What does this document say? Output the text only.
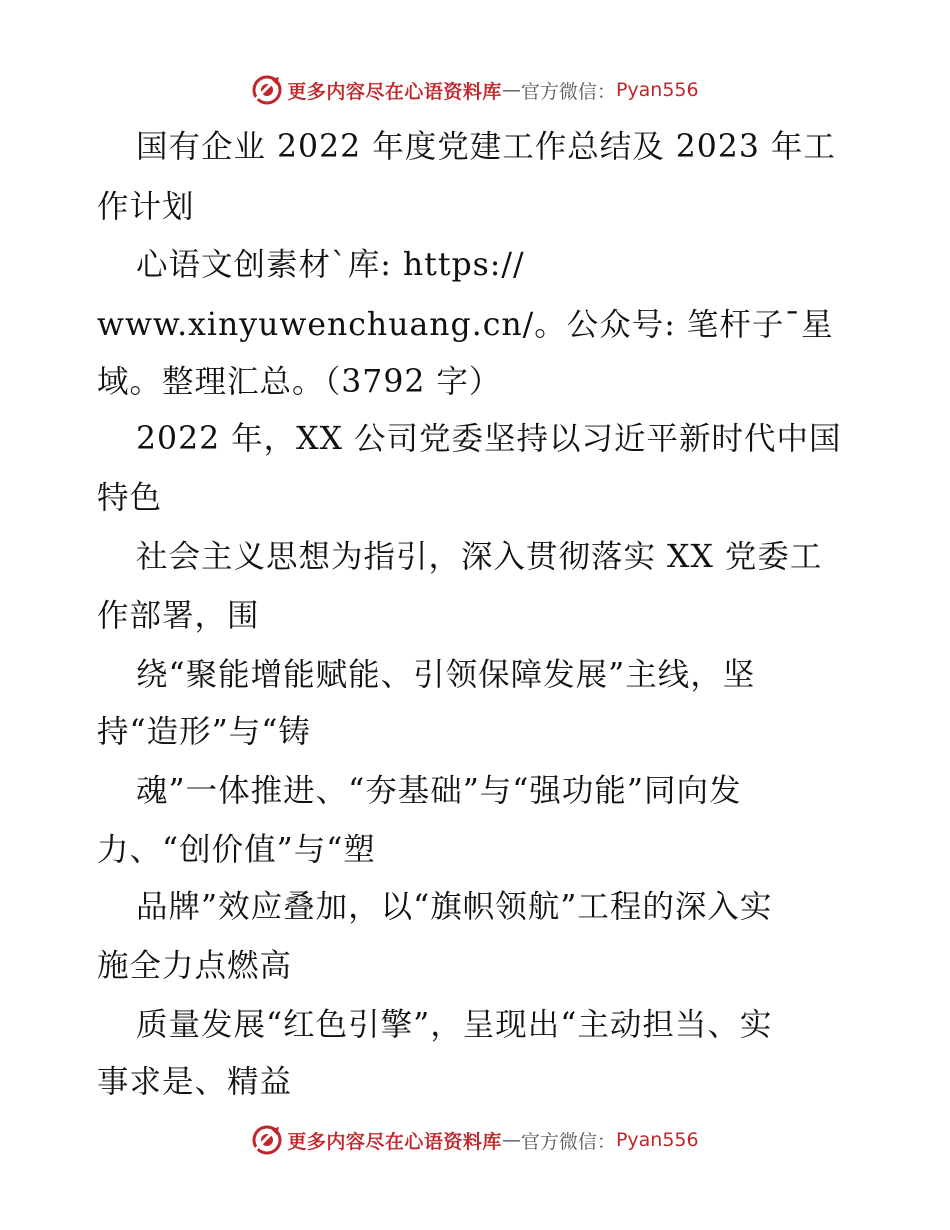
更多内容尽在心语资料库 — 官方微信： Pyan556
国有企业 2022 年度党建工作总结及 2023 年工
作计划
心语文创素材`库: https://
www.xinyuwenchuang.cn/。公众号: 笔杆子¯星
域。整理汇总。（3792 字）
2022 年，XX 公司党委坚持以习近平新时代中国
特色
社会主义思想为指引，深入贯彻落实 XX 党委工
作部署，围
绕“聚能增能赋能、引领保障发展”主线，坚
持“造形”与“铸
魂”一体推进、“夯基础”与“强功能”同向发
力、“创价值”与“塑
品牌”效应叠加，以“旗帜领航”工程的深入实
施全力点燃高
质量发展“红色引擎”，呈现出“主动担当、实
事求是、精益
更多内容尽在心语资料库 — 官方微信： Pyan556
